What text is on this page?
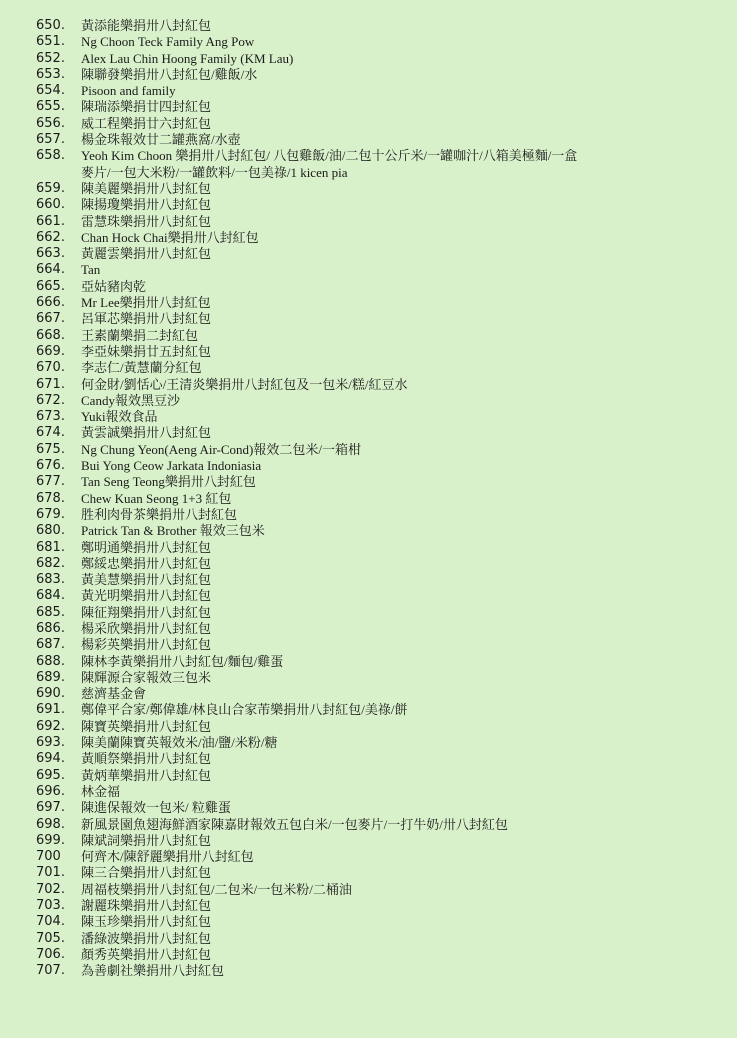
650.	黃添能樂捐卅八封紅包
651.	Ng Choon Teck Family Ang Pow
652.	Alex Lau Chin Hoong Family (KM Lau)
653.	陳聯發樂捐卅八封紅包/雞飯/水
654.	Pisoon and family
655.	陳瑞添樂捐廿四封紅包
656.	威工程樂捐廿六封紅包
657.	楊金珠報效廿二罐燕窩/水壺
658.	Yeoh Kim Choon 樂捐卅八封紅包/ 八包雞飯/油/二包十公斤米/一罐咖汁/八箱美極麵/一盒
麥片/一包大米粉/一罐飲料/一包美祿/1 kicen pia
659.	陳美麗樂捐卅八封紅包
660.	陳揚瓊樂捐卅八封紅包
661.	雷慧珠樂捐卅八封紅包
662.	Chan Hock Chai樂捐卅八封紅包
663.	黃麗雲樂捐卅八封紅包
664.	Tan
665.	亞姑豬肉乾
666.	Mr Lee樂捐卅八封紅包
667.	呂軍芯樂捐卅八封紅包
668.	王素蘭樂捐二封紅包
669.	李亞妹樂捐廿五封紅包
670.	李志仁/黃慧蘭分紅包
671.	何金財/劉恬心/王清炎樂捐卅八封紅包及一包米/糕/紅豆水
672.	Candy報效黑豆沙
673.	Yuki報效食品
674.	黃雲誠樂捐卅八封紅包
675.	Ng Chung Yeon(Aeng Air-Cond)報效二包米/一箱柑
676.	Bui Yong Ceow Jarkata Indoniasia
677.	Tan Seng Teong樂捐卅八封紅包
678.	Chew Kuan Seong 1+3 紅包
679.	胜利肉骨茶樂捐卅八封紅包
680.	Patrick Tan & Brother 報效三包米
681.	鄭明通樂捐卅八封紅包
682.	鄭綏忠樂捐卅八封紅包
683.	黃美慧樂捐卅八封紅包
684.	黃光明樂捐卅八封紅包
685.	陳征翔樂捐卅八封紅包
686.	楊采欣樂捐卅八封紅包
687.	楊彩英樂捐卅八封紅包
688.	陳林李黃樂捐卅八封紅包/麵包/雞蛋
689.	陳輝源合家報效三包米
690.	慈濟基金會
691.	鄭偉平合家/鄭偉雄/林良山合家芾樂捐卅八封紅包/美祿/餅
692.	陳寶英樂捐卅八封紅包
693.	陳美蘭陳寶英報效米/油/鹽/米粉/糖
694.	黃順祭樂捐卅八封紅包
695.	黃炳華樂捐卅八封紅包
696.	林金福
697.	陳進保報效一包米/ 粒雞蛋
698.	新風景園魚翅海鮮酒家陳嘉財報效五包白米/一包麥片/一打牛奶/卅八封紅包
699.	陳斌詞樂捐卅八封紅包
700	何齊木/陳舒麗樂捐卅八封紅包
701.	陳三合樂捐卅八封紅包
702.	周福枝樂捐卅八封紅包/二包米/一包米粉/二桶油
703.	謝麗珠樂捐卅八封紅包
704.	陳玉珍樂捐卅八封紅包
705.	潘綠波樂捐卅八封紅包
706.	顏秀英樂捐卅八封紅包
707.	為善劇社樂捐卅八封紅包
